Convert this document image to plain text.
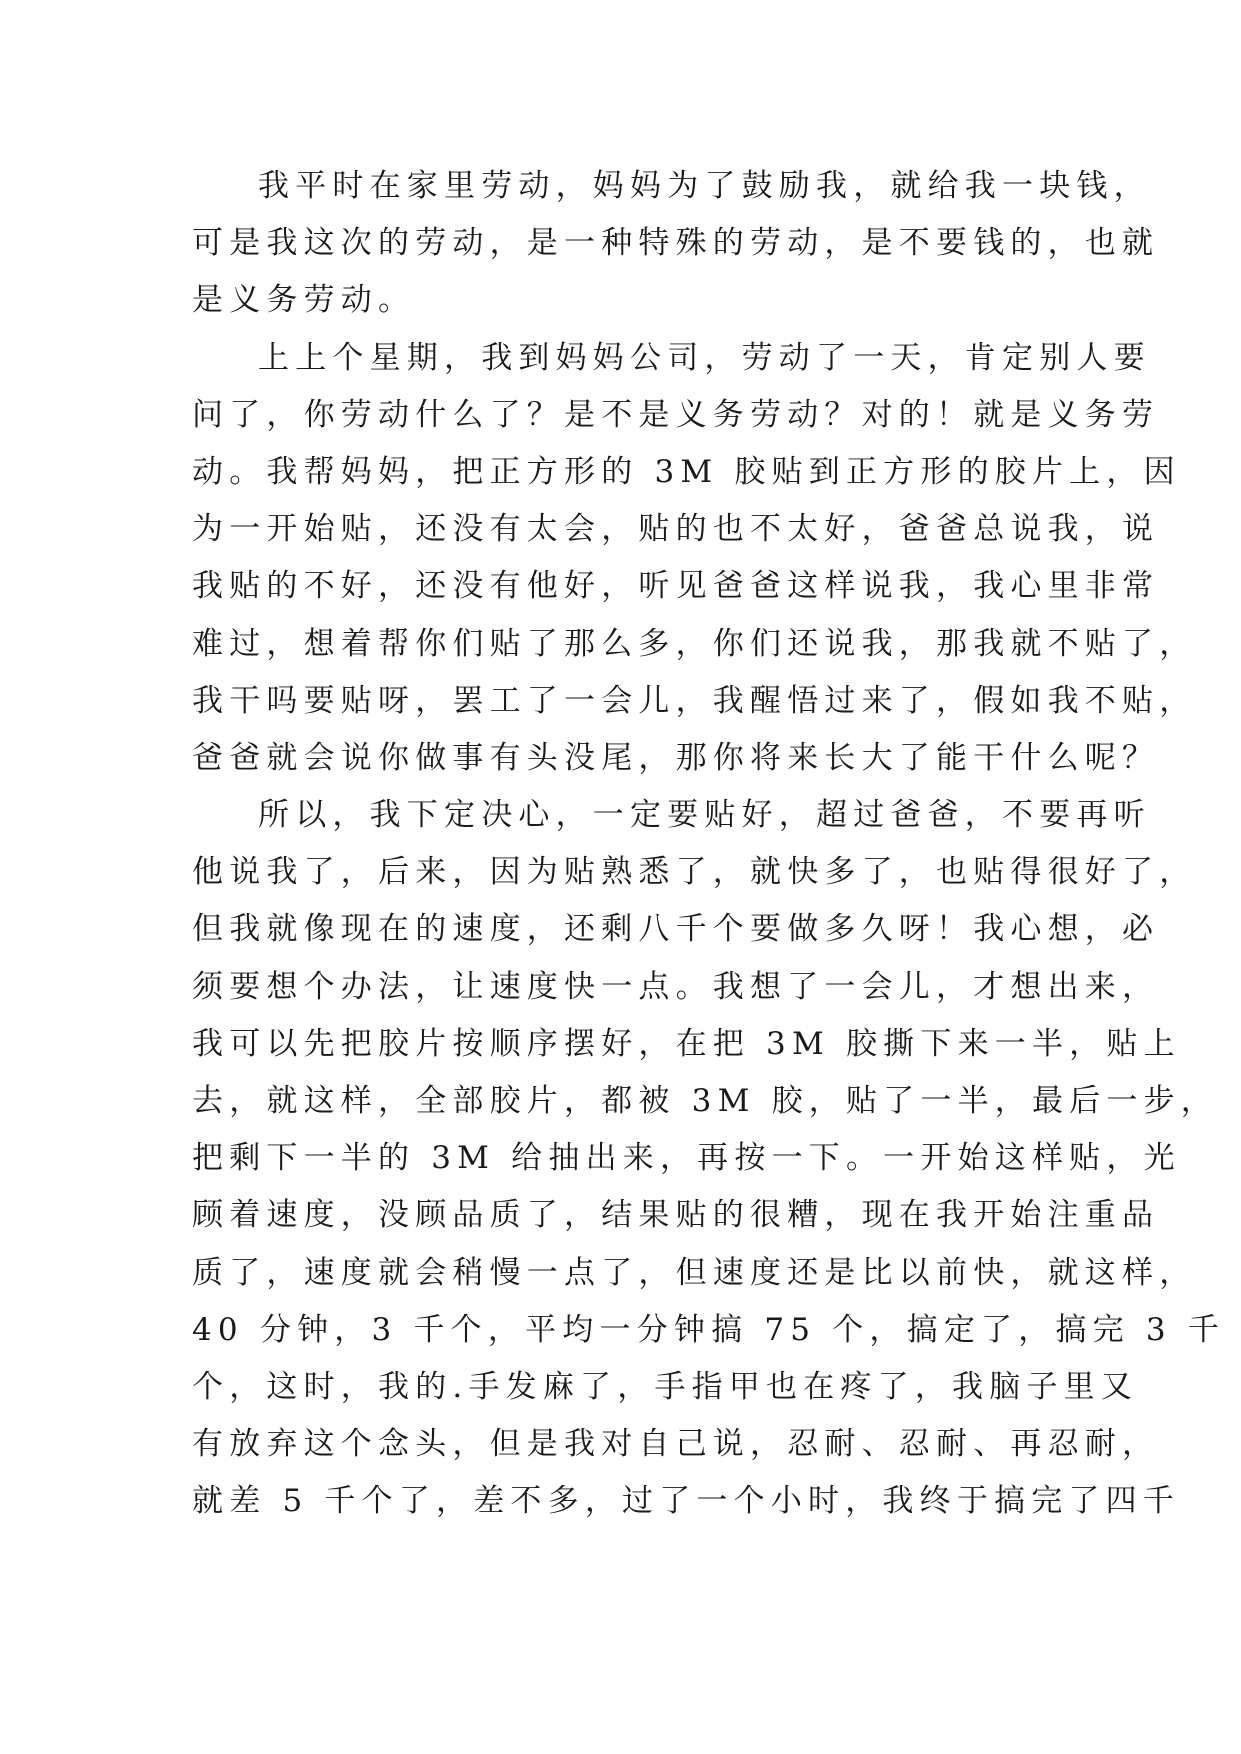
我平时在家里劳动，妈妈为了鼓励我，就给我一块钱，
可是我这次的劳动，是一种特殊的劳动，是不要钱的，也就
是义务劳动。
上上个星期，我到妈妈公司，劳动了一天，肯定别人要
问了，你劳动什么了？是不是义务劳动？对的！就是义务劳
动。我帮妈妈，把正方形的 3M 胶贴到正方形的胶片上，因
为一开始贴，还没有太会，贴的也不太好，爸爸总说我，说
我贴的不好，还没有他好，听见爸爸这样说我，我心里非常
难过，想着帮你们贴了那么多，你们还说我，那我就不贴了，
我干吗要贴呀，罢工了一会儿，我醒悟过来了，假如我不贴，
爸爸就会说你做事有头没尾，那你将来长大了能干什么呢？
所以，我下定决心，一定要贴好，超过爸爸，不要再听
他说我了，后来，因为贴熟悉了，就快多了，也贴得很好了，
但我就像现在的速度，还剩八千个要做多久呀！我心想，必
须要想个办法，让速度快一点。我想了一会儿，才想出来，
我可以先把胶片按顺序摆好，在把 3M 胶撕下来一半，贴上
去，就这样，全部胶片，都被 3M 胶，贴了一半，最后一步，
把剩下一半的 3M 给抽出来，再按一下。一开始这样贴，光
顾着速度，没顾品质了，结果贴的很糟，现在我开始注重品
质了，速度就会稍慢一点了，但速度还是比以前快，就这样，
40 分钟，3 千个，平均一分钟搞 75 个，搞定了，搞完 3 千
个，这时，我的.手发麻了，手指甲也在疼了，我脑子里又
有放弃这个念头，但是我对自己说，忍耐、忍耐、再忍耐，
就差 5 千个了，差不多，过了一个小时，我终于搞完了四千
